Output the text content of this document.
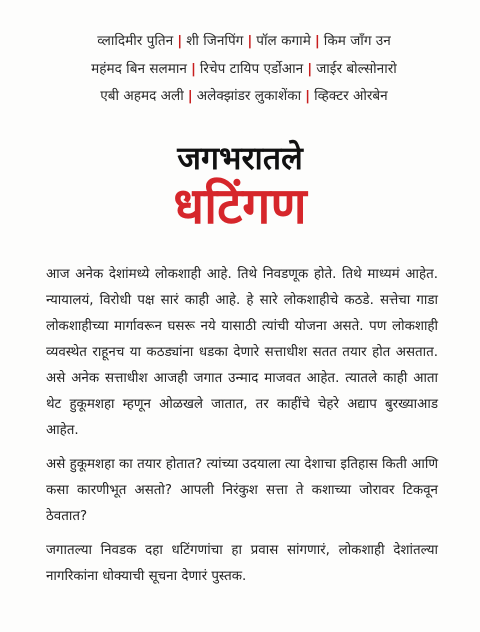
व्लादिमीर पुतिन | शी जिनपिंग | पॉल कगामे | किम जाँग उन
महंमद बिन सलमान | रिचेप टायिप एर्डोआन | जाईर बोल्सोनारो
एबी अहमद अली | अलेक्झांडर लुकाशेंका | व्हिक्टर ओरबेन
जगभरातले
धटिंगण

आज अनेक देशांमध्ये लोकशाही आहे. तिथे निवडणूक होते. तिथे माध्यमं आहेत. न्यायालयं, विरोधी पक्ष सारं काही आहे. हे सारे लोकशाहीचे कठडे. सत्तेचा गाडा लोकशाहीच्या मार्गावरून घसरू नये यासाठी त्यांची योजना असते. पण लोकशाही व्यवस्थेत राहूनच या कठड्यांना धडका देणारे सत्ताधीश सतत तयार होत असतात. असे अनेक सत्ताधीश आजही जगात उन्माद माजवत आहेत. त्यातले काही आता थेट हुकूमशहा म्हणून ओळखले जातात, तर काहींचे चेहरे अद्याप बुरख्याआड आहेत.

असे हुकूमशहा का तयार होतात? त्यांच्या उदयाला त्या देशाचा इतिहास किती आणि कसा कारणीभूत असतो? आपली निरंकुश सत्ता ते कशाच्या जोरावर टिकवून ठेवतात?

जगातल्या निवडक दहा धटिंगणांचा हा प्रवास सांगणारं, लोकशाही देशांतल्या नागरिकांना धोक्याची सूचना देणारं पुस्तक.
